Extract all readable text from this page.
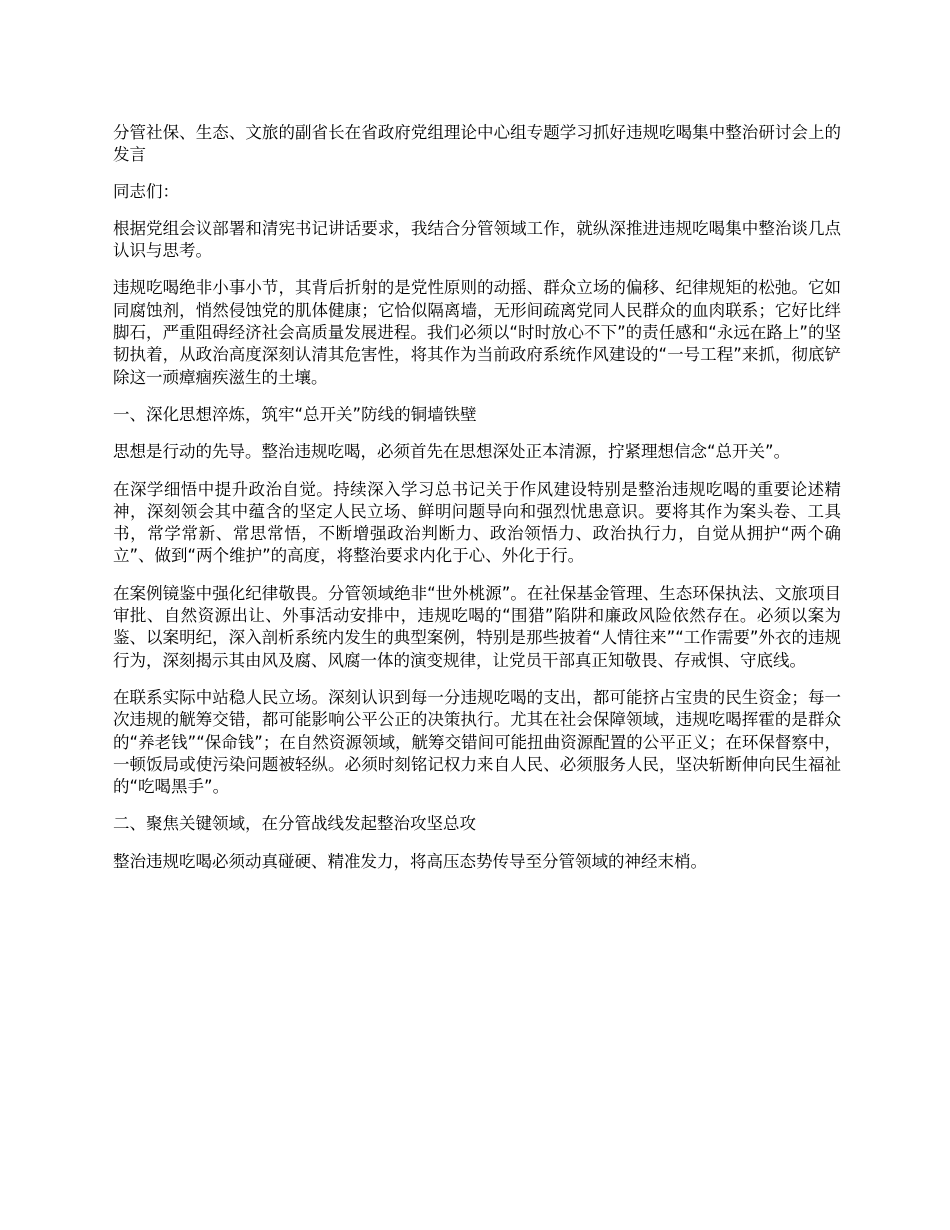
分管社保、生态、文旅的副省长在省政府党组理论中心组专题学习抓好违规吃喝集中整治研讨会上的发言

同志们：

根据党组会议部署和清宪书记讲话要求，我结合分管领域工作，就纵深推进违规吃喝集中整治谈几点认识与思考。

违规吃喝绝非小事小节，其背后折射的是党性原则的动摇、群众立场的偏移、纪律规矩的松弛。它如同腐蚀剂，悄然侵蚀党的肌体健康；它恰似隔离墙，无形间疏离党同人民群众的血肉联系；它好比绊脚石，严重阻碍经济社会高质量发展进程。我们必须以“时时放心不下”的责任感和“永远在路上”的坚韧执着，从政治高度深刻认清其危害性，将其作为当前政府系统作风建设的“一号工程”来抓，彻底铲除这一顽瘴痼疾滋生的土壤。

一、深化思想淬炼，筑牢“总开关”防线的铜墙铁壁

思想是行动的先导。整治违规吃喝，必须首先在思想深处正本清源，拧紧理想信念“总开关”。

在深学细悟中提升政治自觉。持续深入学习总书记关于作风建设特别是整治违规吃喝的重要论述精神，深刻领会其中蕴含的坚定人民立场、鲜明问题导向和强烈忧患意识。要将其作为案头卷、工具书，常学常新、常思常悟，不断增强政治判断力、政治领悟力、政治执行力，自觉从拥护“两个确立”、做到“两个维护”的高度，将整治要求内化于心、外化于行。

在案例镜鉴中强化纪律敬畏。分管领域绝非“世外桃源”。在社保基金管理、生态环保执法、文旅项目审批、自然资源出让、外事活动安排中，违规吃喝的“围猎”陷阱和廉政风险依然存在。必须以案为鉴、以案明纪，深入剖析系统内发生的典型案例，特别是那些披着“人情往来”“工作需要”外衣的违规行为，深刻揭示其由风及腐、风腐一体的演变规律，让党员干部真正知敬畏、存戒惧、守底线。

在联系实际中站稳人民立场。深刻认识到每一分违规吃喝的支出，都可能挤占宝贵的民生资金；每一次违规的觥筹交错，都可能影响公平公正的决策执行。尤其在社会保障领域，违规吃喝挥霍的是群众的“养老钱”“保命钱”；在自然资源领域，觥筹交错间可能扭曲资源配置的公平正义；在环保督察中，一顿饭局或使污染问题被轻纵。必须时刻铭记权力来自人民、必须服务人民，坚决斩断伸向民生福祉的“吃喝黑手”。

二、聚焦关键领域，在分管战线发起整治攻坚总攻

整治违规吃喝必须动真碰硬、精准发力，将高压态势传导至分管领域的神经末梢。
